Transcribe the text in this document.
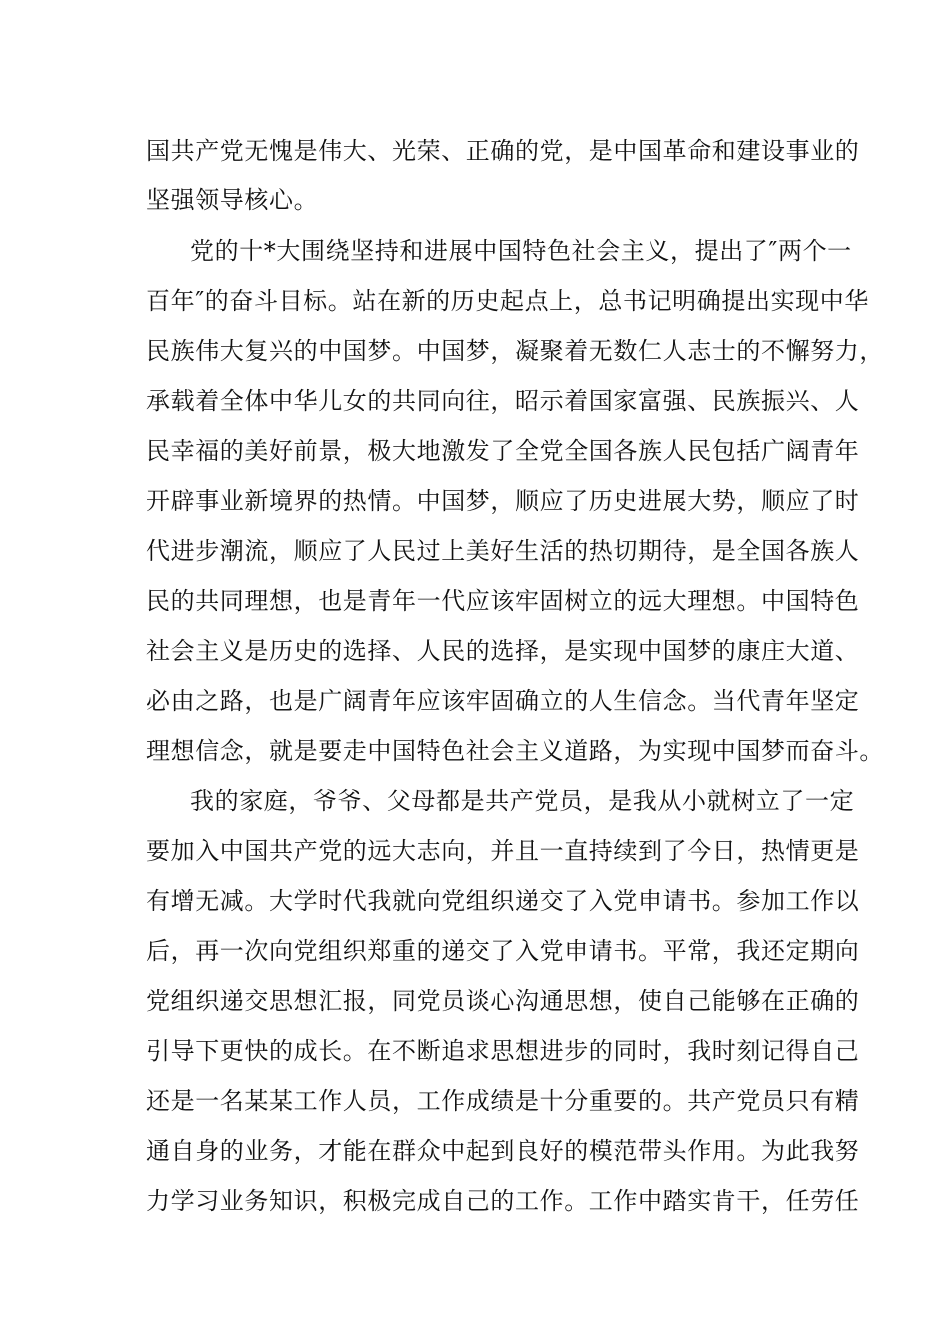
国共产党无愧是伟大、光荣、正确的党，是中国革命和建设事业的
坚强领导核心。
党的十*大围绕坚持和进展中国特色社会主义，提出了″两个一
百年″的奋斗目标。站在新的历史起点上，总书记明确提出实现中华
民族伟大复兴的中国梦。中国梦，凝聚着无数仁人志士的不懈努力，
承载着全体中华儿女的共同向往，昭示着国家富强、民族振兴、人
民幸福的美好前景，极大地激发了全党全国各族人民包括广阔青年
开辟事业新境界的热情。中国梦，顺应了历史进展大势，顺应了时
代进步潮流，顺应了人民过上美好生活的热切期待，是全国各族人
民的共同理想，也是青年一代应该牢固树立的远大理想。中国特色
社会主义是历史的选择、人民的选择，是实现中国梦的康庄大道、
必由之路，也是广阔青年应该牢固确立的人生信念。当代青年坚定
理想信念，就是要走中国特色社会主义道路，为实现中国梦而奋斗。
我的家庭，爷爷、父母都是共产党员，是我从小就树立了一定
要加入中国共产党的远大志向，并且一直持续到了今日，热情更是
有增无减。大学时代我就向党组织递交了入党申请书。参加工作以
后，再一次向党组织郑重的递交了入党申请书。平常，我还定期向
党组织递交思想汇报，同党员谈心沟通思想，使自己能够在正确的
引导下更快的成长。在不断追求思想进步的同时，我时刻记得自己
还是一名某某工作人员，工作成绩是十分重要的。共产党员只有精
通自身的业务，才能在群众中起到良好的模范带头作用。为此我努
力学习业务知识，积极完成自己的工作。工作中踏实肯干，任劳任
